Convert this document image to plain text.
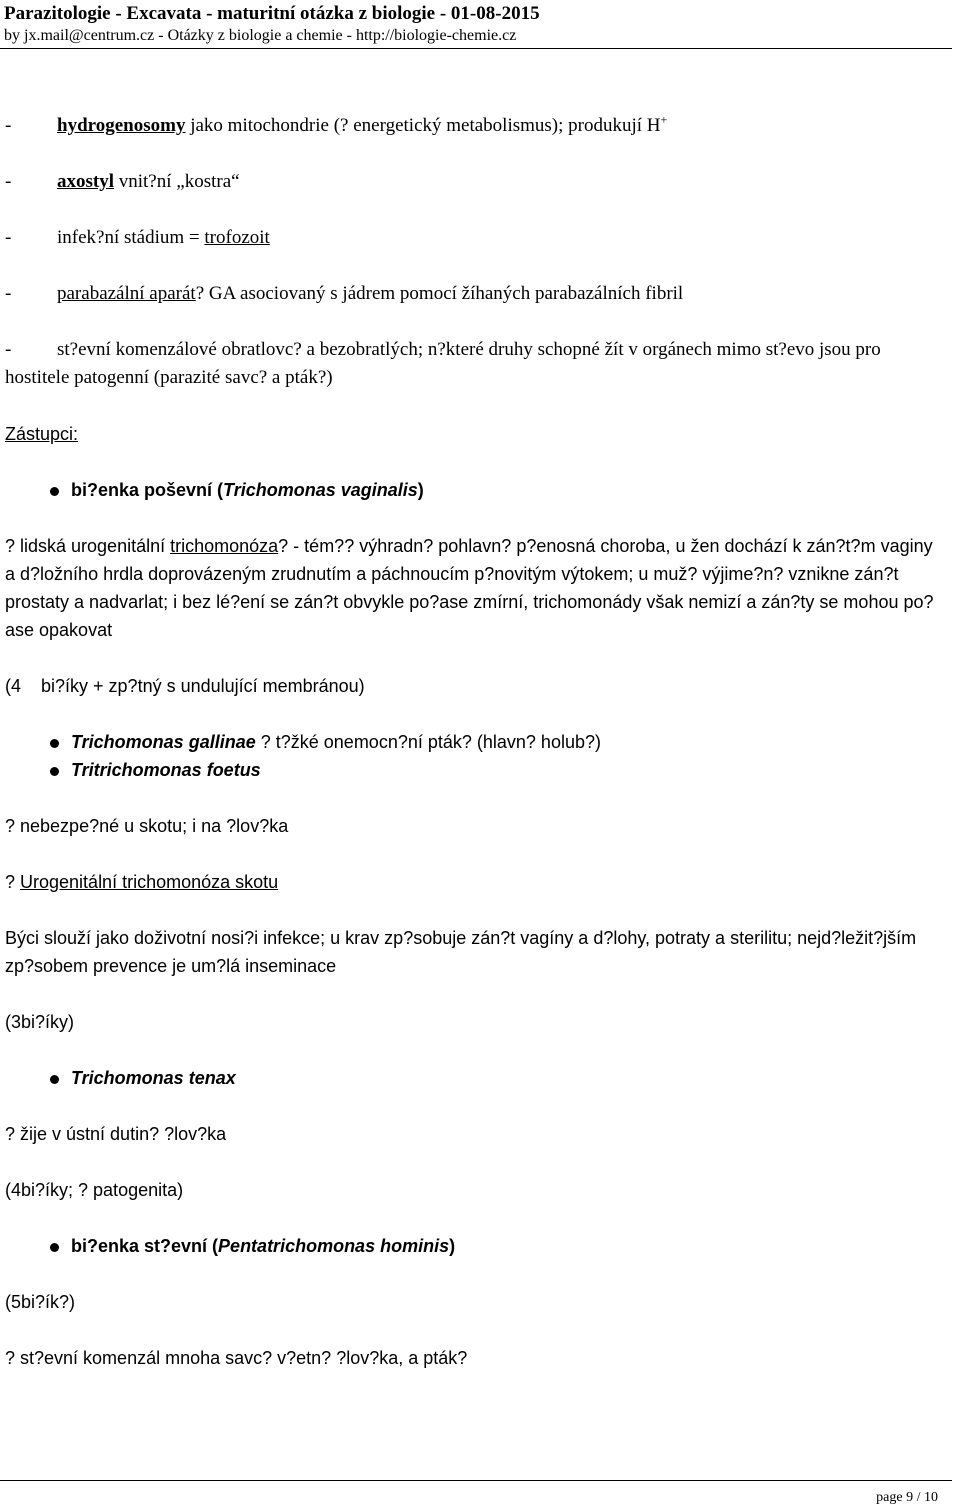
Parazitologie - Excavata - maturitní otázka z biologie - 01-08-2015
by jx.mail@centrum.cz - Otázky z biologie a chemie - http://biologie-chemie.cz
-	hydrogenosomy jako mitochondrie (? energetický metabolismus); produkují H+
-	axostyl vnit?ní „kostra“
-	infek?ní stádium = trofozoit
-	parabazální aparát? GA asociovaný s jádrem pomocí žíhaných parabazálních fibril
- st?evní komenzálové obratlovc? a bezobratlých; n?které druhy schopné žít v orgánech mimo st?evo jsou pro hostitele patogenní (parazité savc? a pták?)
Zástupci:
bi?enka poševní (Trichomonas vaginalis)
? lidská urogenitální trichomonóza? - tém?? výhradn? pohlavn? p?enosná choroba, u žen dochází k zán?t?m vaginy a d?ložního hrdla doprovázeným zrudnutím a páchnoucím p?novitým výtokem; u muž? výjime?n? vznikne zán?t prostaty a nadvarlat; i bez lé?ení se zán?t obvykle po?ase zmírní, trichomonády však nemizí a zán?ty se mohou po?ase opakovat
(4    bi?íky + zp?tný s undulující membránou)
Trichomonas gallinae ? t?žké onemocn?ní pták? (hlavn? holub?)
Tritrichomonas foetus
? nebezpe?né u skotu; i na ?lov?ka
? Urogenitální trichomonóza skotu
Býci slouží jako doživotní nosi?i infekce; u krav zp?sobuje zán?t vagíny a d?lohy, potraty a sterilitu; nejd?ležit?jším zp?sobem prevence je um?lá inseminace
(3bi?íky)
Trichomonas tenax
? žije v ústní dutin? ?lov?ka
(4bi?íky; ? patogenita)
bi?enka st?evní (Pentatrichomonas hominis)
(5bi?ík?)
? st?evní komenzál mnoha savc? v?etn? ?lov?ka, a pták?
page 9 / 10
